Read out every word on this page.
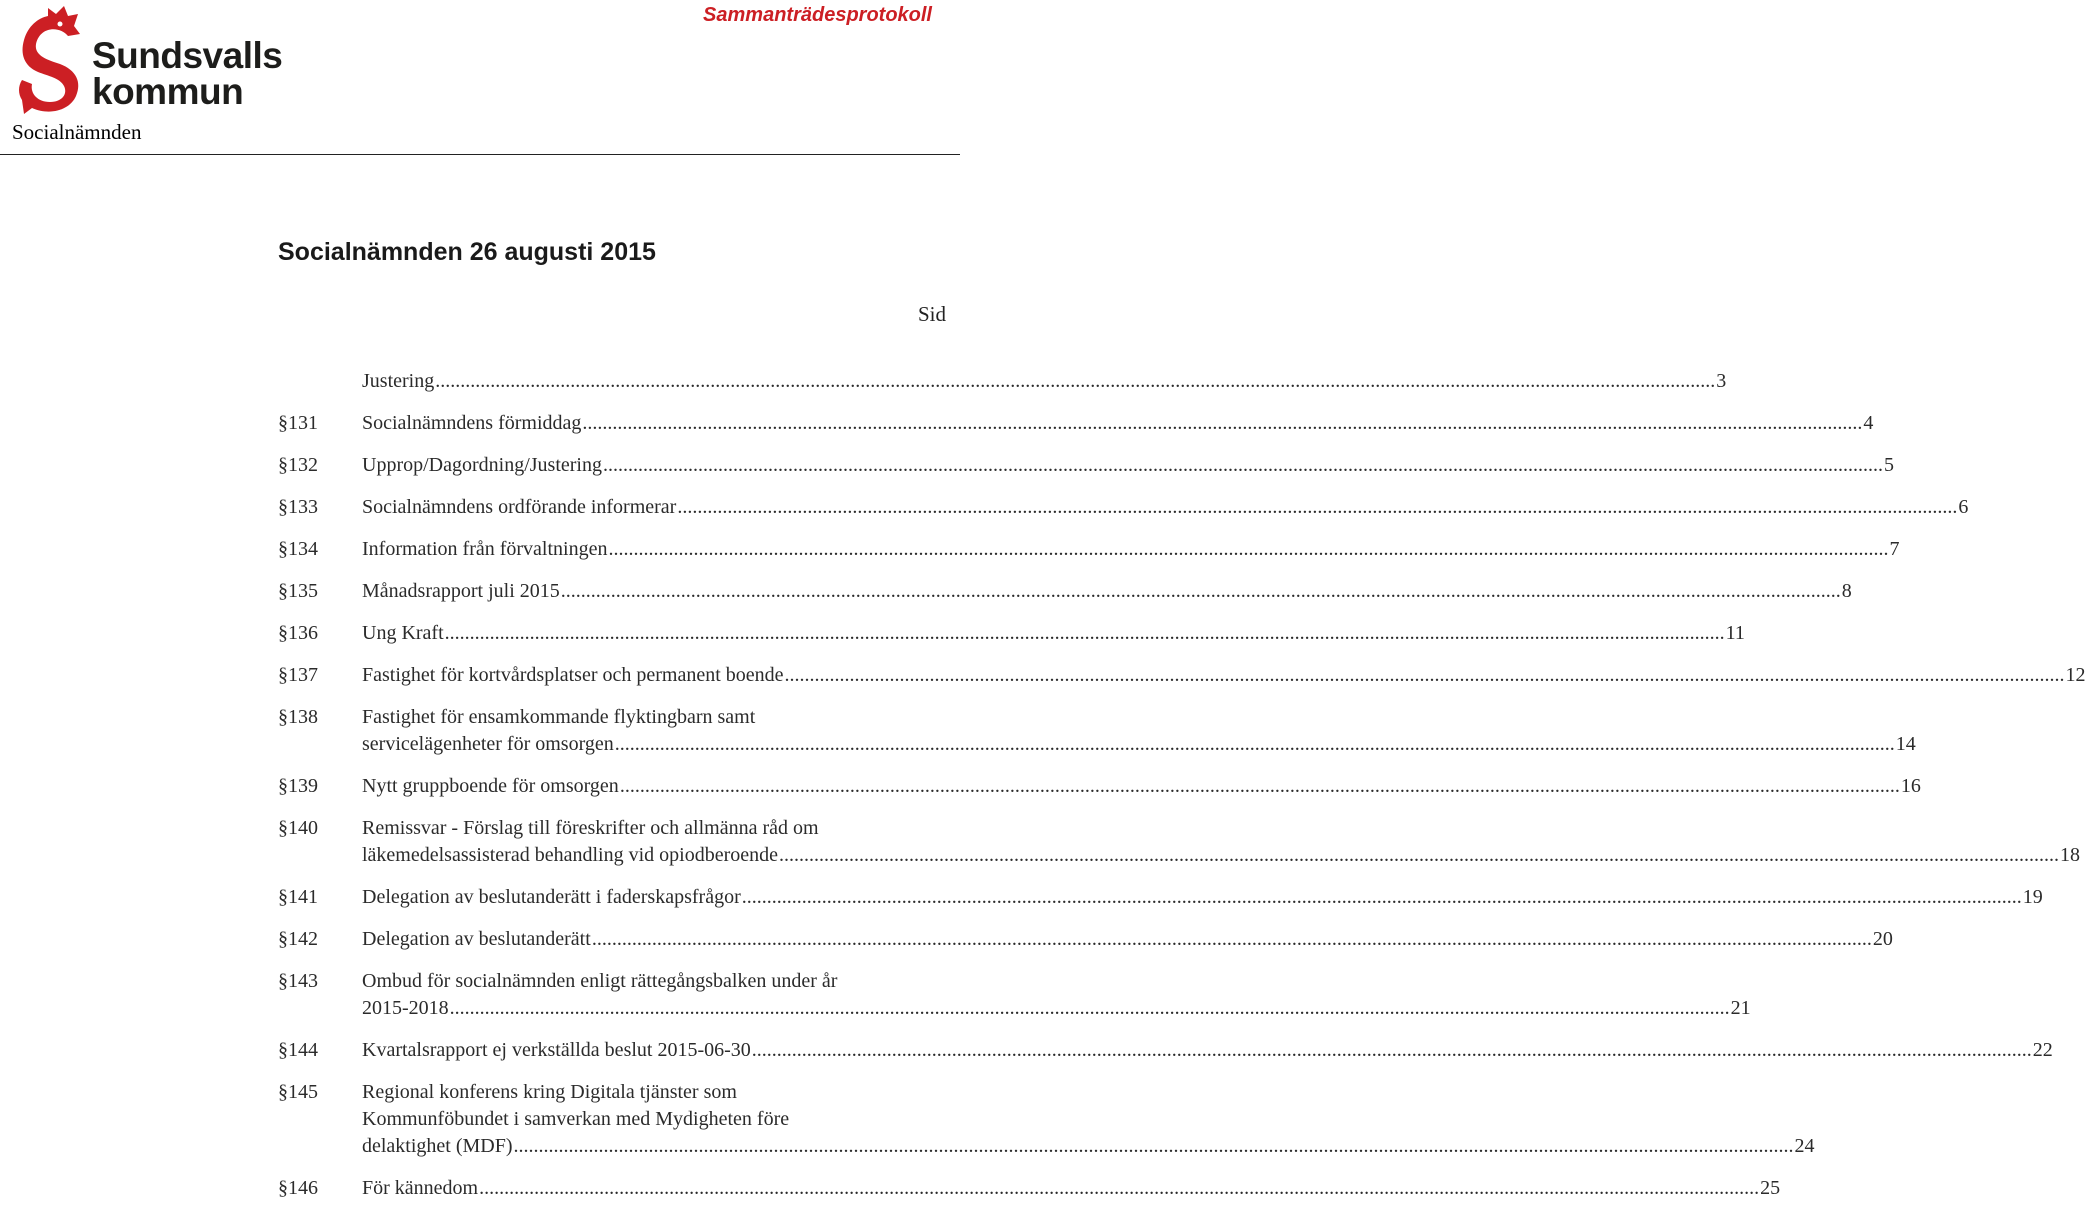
Sundsvalls
kommun
Socialnämnden
Sammanträdesprotokoll
Socialnämnden 26 augusti 2015
Sid
Justering .....	3
§131	Socialnämndens förmiddag .....	4
§132	Upprop/Dagordning/Justering .....	5
§133	Socialnämndens ordförande informerar .....	6
§134	Information från förvaltningen .....	7
§135	Månadsrapport juli 2015 .....	8
§136	Ung Kraft .....	11
§137	Fastighet för kortvårdsplatser och permanent boende .....	12
§138	Fastighet för ensamkommande flyktingbarn samt
servicelägenheter för omsorgen .....	14
§139	Nytt gruppboende för omsorgen .....	16
§140	Remissvar - Förslag till föreskrifter och allmänna råd om
läkemedelsassisterad behandling vid opiodberoende .....	18
§141	Delegation av beslutanderätt i faderskapsfrågor .....	19
§142	Delegation av beslutanderätt .....	20
§143	Ombud för socialnämnden enligt rättegångsbalken under år
2015-2018 .....	21
§144	Kvartalsrapport ej verkställda beslut 2015-06-30 .....	22
§145	Regional konferens kring Digitala tjänster som
Kommunföbundet i samverkan med Mydigheten före
delaktighet (MDF) .....	24
§146	För kännedom .....	25
